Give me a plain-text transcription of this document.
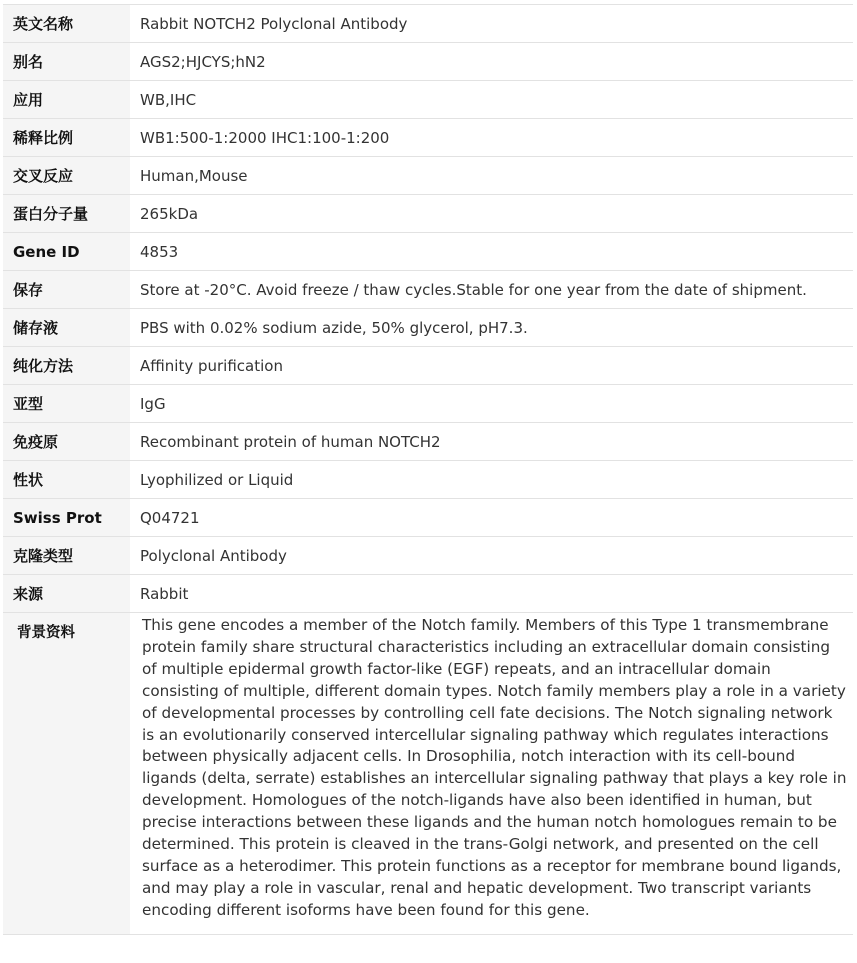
英文名称	Rabbit NOTCH2 Polyclonal Antibody
别名	AGS2;HJCYS;hN2
应用	WB,IHC
稀释比例	WB1:500-1:2000 IHC1:100-1:200
交叉反应	Human,Mouse
蛋白分子量	265kDa
Gene ID	4853
保存	Store at -20°C. Avoid freeze / thaw cycles.Stable for one year from the date of shipment.
储存液	PBS with 0.02% sodium azide, 50% glycerol, pH7.3.
纯化方法	Affinity purification
亚型	IgG
免疫原	Recombinant protein of human NOTCH2
性状	Lyophilized or Liquid
Swiss Prot	Q04721
克隆类型	Polyclonal Antibody
来源	Rabbit
背景资料	This gene encodes a member of the Notch family. Members of this Type 1 transmembrane protein family share structural characteristics including an extracellular domain consisting of multiple epidermal growth factor-like (EGF) repeats, and an intracellular domain consisting of multiple, different domain types. Notch family members play a role in a variety of developmental processes by controlling cell fate decisions. The Notch signaling network is an evolutionarily conserved intercellular signaling pathway which regulates interactions between physically adjacent cells. In Drosophilia, notch interaction with its cell-bound ligands (delta, serrate) establishes an intercellular signaling pathway that plays a key role in development. Homologues of the notch-ligands have also been identified in human, but precise interactions between these ligands and the human notch homologues remain to be determined. This protein is cleaved in the trans-Golgi network, and presented on the cell surface as a heterodimer. This protein functions as a receptor for membrane bound ligands, and may play a role in vascular, renal and hepatic development. Two transcript variants encoding different isoforms have been found for this gene.
